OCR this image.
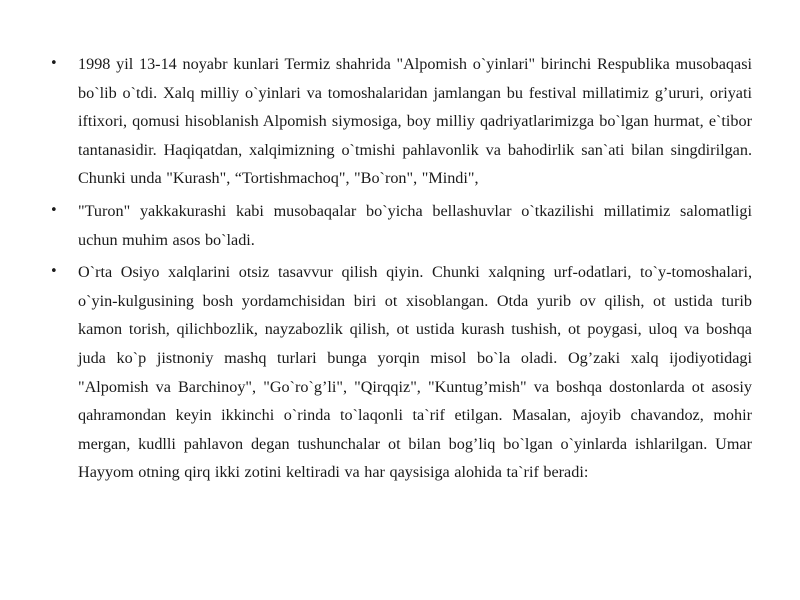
•	1998 yil 13-14 noyabr kunlari Termiz shahrida "Alpomish o`yinlari" birinchi Respublika musobaqasi bo`lib o`tdi. Xalq milliy o`yinlari va tomoshalaridan jamlangan bu festival millatimiz g’ururi, oriyati iftixori, qomusi hisoblanish Alpomish siymosiga, boy milliy qadriyatlarimizga bo`lgan hurmat, e`tibor tantanasidir. Haqiqatdan, xalqimizning o`tmishi pahlavonlik va bahodirlik san`ati bilan singdirilgan. Chunki unda "Kurash", “Tortishmachoq", "Bo`ron", "Mindi",
•	"Turon" yakkakurashi kabi musobaqalar bo`yicha bellashuvlar o`tkazilishi millatimiz salomatligi uchun muhim asos bo`ladi.
•	O`rta Osiyo xalqlarini otsiz tasavvur qilish qiyin. Chunki xalqning urf-odatlari, to`y-tomoshalari, o`yin-kulgusining bosh yordamchisidan biri ot xisoblangan. Otda yurib ov qilish, ot ustida turib kamon torish, qilichbozlik, nayzabozlik qilish, ot ustida kurash tushish, ot poygasi, uloq va boshqa juda ko`p jistnoniy mashq turlari bunga yorqin misol bo`la oladi. Og’zaki xalq ijodiyotidagi "Alpomish va Barchinoy", "Go`ro`g’li", "Qirqqiz", "Kuntug’mish" va boshqa dostonlarda ot asosiy qahramondan keyin ikkinchi o`rinda to`laqonli ta`rif etilgan. Masalan, ajoyib chavandoz, mohir mergan, kudlli pahlavon degan tushunchalar ot bilan bog’liq bo`lgan o`yinlarda ishlarilgan. Umar Hayyom otning qirq ikki zotini keltiradi va har qaysisiga alohida ta`rif beradi:
